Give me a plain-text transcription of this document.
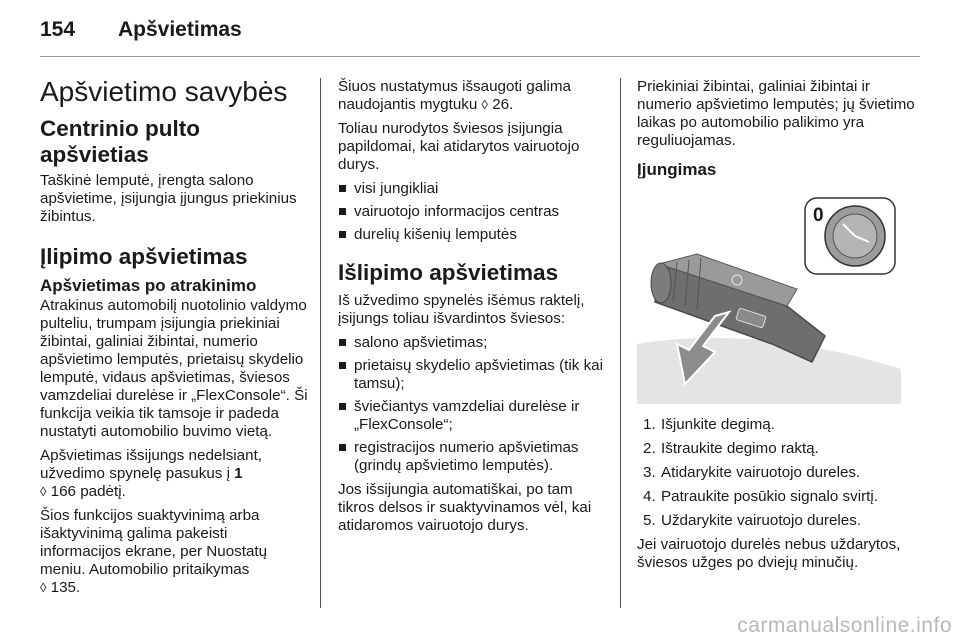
154 Apšvietimas
Apšvietimo savybės
Centrinio pulto apšvietias

Taškinė lemputė, įrengta salono apšvietime, įsijungia įjungus priekinius žibintus.

Įlipimo apšvietimas
Apšvietimas po atrakinimo

Atrakinus automobilį nuotolinio valdymo pulteliu, trumpam įsijungia priekiniai žibintai, galiniai žibintai, numerio apšvietimo lemputės, prietaisų skydelio lemputė, vidaus apšvietimas, šviesos vamzdeliai durelėse ir „FlexConsole“. Ši funkcija veikia tik tamsoje ir padeda nustatyti automobilio buvimo vietą.

Apšvietimas išsijungs nedelsiant, užvedimo spynelę pasukus į 1
◊ 166 padėtį.

Šios funkcijos suaktyvinimą arba išaktyvinimą galima pakeisti informacijos ekrane, per Nuostatų meniu. Automobilio pritaikymas
◊ 135.

Šiuos nustatymus išsaugoti galima naudojantis mygtuku ◊ 26.

Toliau nurodytos šviesos įsijungia papildomai, kai atidarytos vairuotojo durys.

visi jungikliai
vairuotojo informacijos centras
durelių kišenių lemputės
Išlipimo apšvietimas

Iš užvedimo spynelės išėmus raktelį, įsijungs toliau išvardintos šviesos:

salono apšvietimas;
prietaisų skydelio apšvietimas (tik kai tamsu);
šviečiantys vamzdeliai durelėse ir „FlexConsole“;
registracijos numerio apšvietimas (grindų apšvietimo lemputės).

Jos išsijungia automatiškai, po tam tikros delsos ir suaktyvinamos vėl, kai atidaromos vairuotojo durys.

Priekiniai žibintai, galiniai žibintai ir numerio apšvietimo lemputės; jų švietimo laikas po automobilio palikimo yra reguliuojamas.

Įjungimas
0
1. Išjunkite degimą.
2. Ištraukite degimo raktą.
3. Atidarykite vairuotojo dureles.
4. Patraukite posūkio signalo svirtį.
5. Uždarykite vairuotojo dureles.

Jei vairuotojo durelės nebus uždarytos, šviesos užges po dviejų minučių.

carmanualsonline.info
